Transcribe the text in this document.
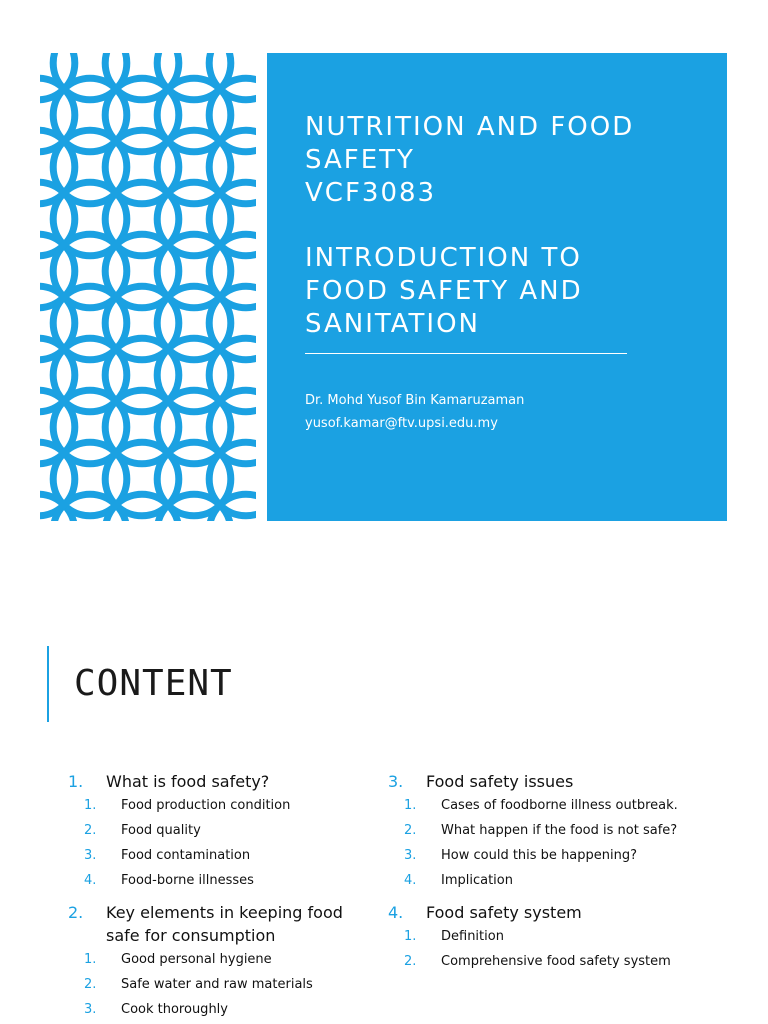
NUTRITION AND FOOD
SAFETY
VCF3083
INTRODUCTION TO
FOOD SAFETY AND
SANITATION
Dr. Mohd Yusof Bin Kamaruzaman
yusof.kamar@ftv.upsi.edu.my
CONTENT
1.	What is food safety?
1.	Food production condition
2.	Food quality
3.	Food contamination
4.	Food-borne illnesses
2.	Key elements in keeping food safe for consumption
1.	Good personal hygiene
2.	Safe water and raw materials
3.	Cook thoroughly
3.	Food safety issues
1.	Cases of foodborne illness outbreak.
2.	What happen if the food is not safe?
3.	How could this be happening?
4.	Implication
4.	Food safety system
1.	Definition
2.	Comprehensive food safety system
